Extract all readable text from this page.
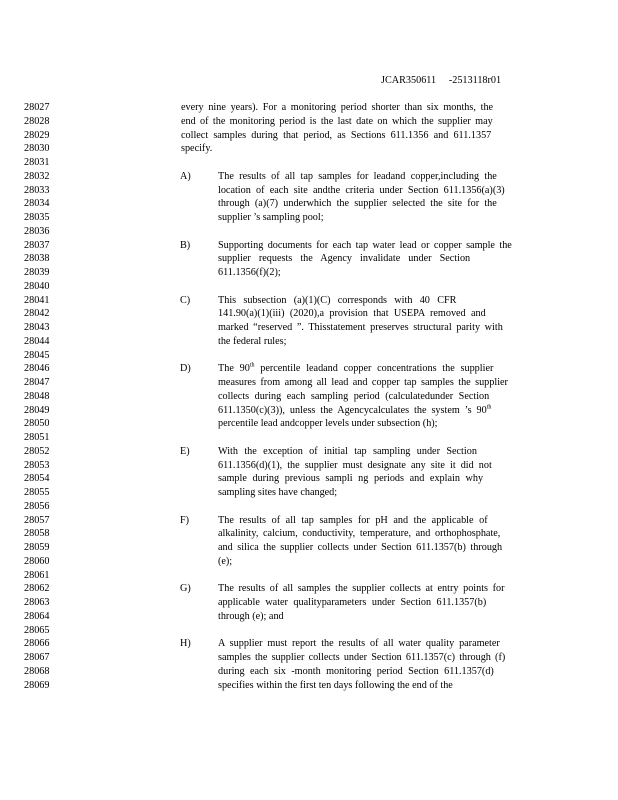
JCAR350611     -2513118r01
28027
28028
28029
28030
28031
28032
28033
28034
28035
28036
28037
28038
28039
28040
28041
28042
28043
28044
28045
28046
28047
28048
28049
28050
28051
28052
28053
28054
28055
28056
28057
28058
28059
28060
28061
28062
28063
28064
28065
28066
28067
28068
28069
every nine years). For a monitoring period shorter than six months, the
end of the monitoring period is the last date on which the supplier may
collect samples during that period, as Sections 611.1356 and 611.1357
specify.
A)	The results of all tap samples for leadand copper,including the
location of each site andthe criteria under Section 611.1356(a)(3)
through (a)(7) underwhich the supplier selected the site for the
supplier ’s sampling pool;
B)	Supporting documents for each tap water lead or copper sample the
supplier requests the Agency invalidate under Section
611.1356(f)(2);
C)	This subsection (a)(1)(C) corresponds with 40 CFR
141.90(a)(1)(iii) (2020),a provision that USEPA removed and
marked “reserved ”. Thisstatement preserves structural parity with
the federal rules;
D)	The 90th percentile leadand copper concentrations the supplier
measures from among all lead and copper tap samples the supplier
collects during each sampling period (calculatedunder Section
611.1350(c)(3)), unless the Agencycalculates the system ’s 90th
percentile lead andcopper levels under subsection (h);
E)	With the exception of initial tap sampling under Section
611.1356(d)(1), the supplier must designate any site it did not
sample during previous sampli ng periods and explain why
sampling sites have changed;
F)	The results of all tap samples for pH and the applicable of
alkalinity, calcium, conductivity, temperature, and orthophosphate,
and silica the supplier collects under Section 611.1357(b) through
(e);
G)	The results of all samples the supplier collects at entry points for
applicable water qualityparameters under Section 611.1357(b)
through (e); and
H)	A supplier must report the results of all water quality parameter
samples the supplier collects under Section 611.1357(c) through (f)
during each six -month monitoring period Section 611.1357(d)
specifies within the first ten days following the end of the
